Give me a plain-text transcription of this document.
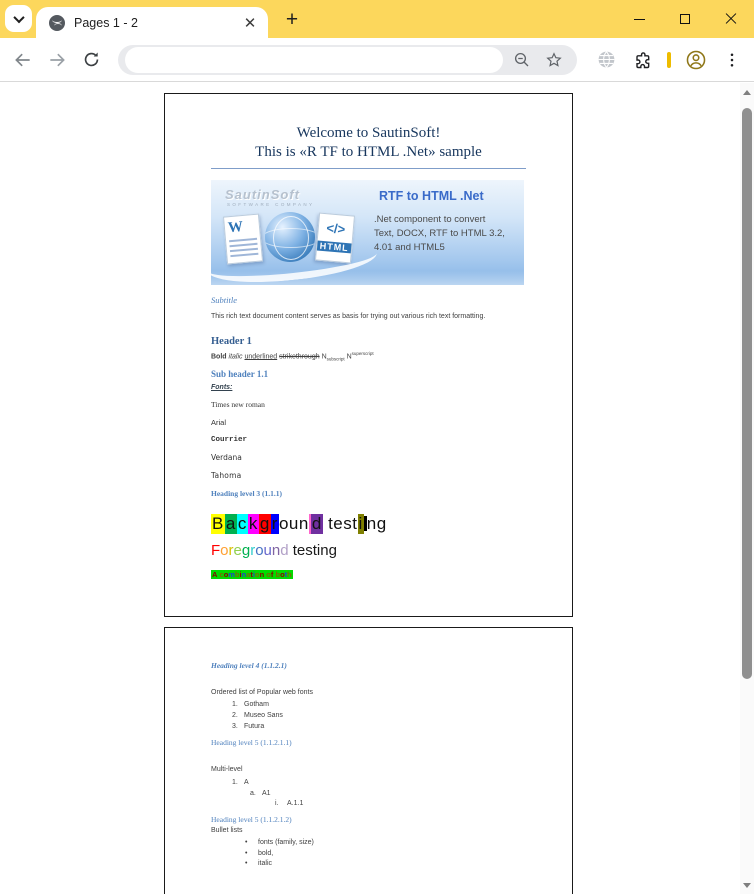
Pages 1 - 2	✕	+
Welcome to SautinSoft!
This is «R TF to HTML .Net» sample
SautinSoft
SOFTWARE COMPANY
RTF to HTML .Net
.Net component to convert
Text, DOCX, RTF to HTML 3.2,
4.01 and HTML5
W	</>
HTML
Subtitle
This rich text document content serves as basis for trying out various rich text formatting.
Header 1
Bold italic underlined strikethrough $N_{subscript}$ $N^{superscript}$
Sub header 1.1
Fonts:
Times new roman
Arial
Courrier
Verdana
Tahoma
Heading level 3 (1.1.1)
B a c k g roun d testi ng
Foreground testing
A combination of both
Heading level 4 (1.1.2.1)
Ordered list of Popular web fonts
1. Gotham
2. Museo Sans
3. Futura
Heading level 5 (1.1.2.1.1)
Multi-level
1. A
a. A1
i. A.1.1
Heading level 5 (1.1.2.1.2)
Bullet lists
• fonts (family, size)
• bold,
• italic
